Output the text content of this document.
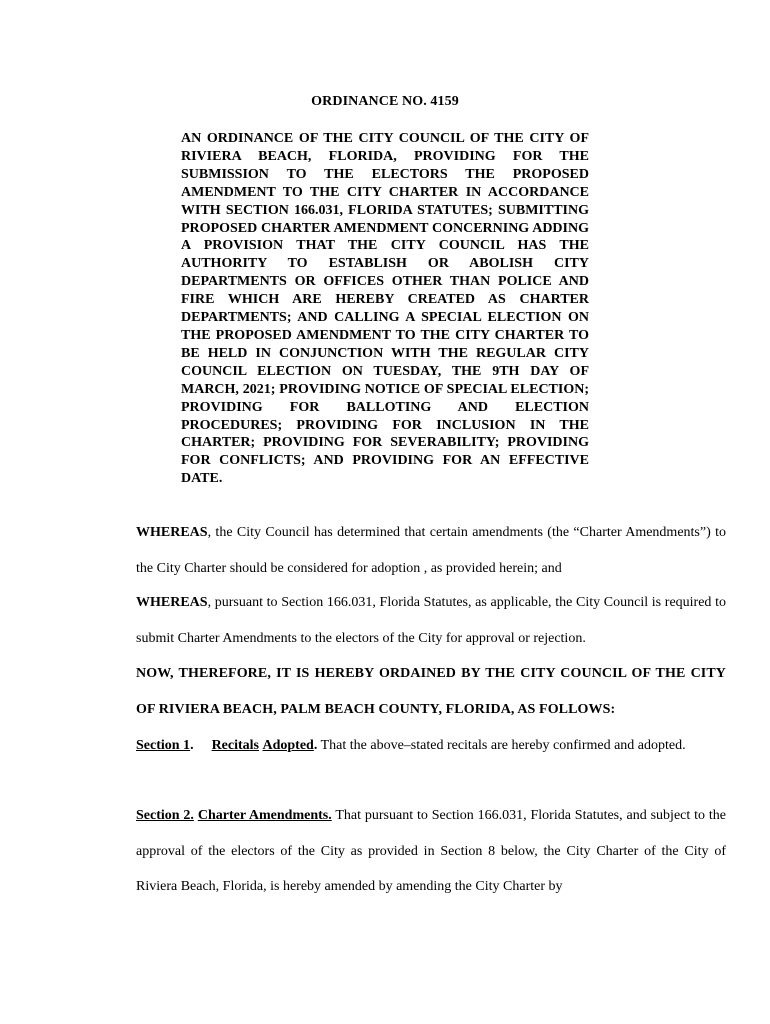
ORDINANCE NO. 4159

AN ORDINANCE OF THE CITY COUNCIL OF THE CITY OF RIVIERA BEACH, FLORIDA, PROVIDING FOR THE SUBMISSION TO THE ELECTORS THE PROPOSED AMENDMENT TO THE CITY CHARTER IN ACCORDANCE WITH SECTION 166.031, FLORIDA STATUTES; SUBMITTING PROPOSED CHARTER AMENDMENT CONCERNING ADDING A PROVISION THAT THE CITY COUNCIL HAS THE AUTHORITY TO ESTABLISH OR ABOLISH CITY DEPARTMENTS OR OFFICES OTHER THAN POLICE AND FIRE WHICH ARE HEREBY CREATED AS CHARTER DEPARTMENTS; AND CALLING A SPECIAL ELECTION ON THE PROPOSED AMENDMENT TO THE CITY CHARTER TO BE HELD IN CONJUNCTION WITH THE REGULAR CITY COUNCIL ELECTION ON TUESDAY, THE 9TH DAY OF MARCH, 2021; PROVIDING NOTICE OF SPECIAL ELECTION; PROVIDING FOR BALLOTING AND ELECTION PROCEDURES; PROVIDING FOR INCLUSION IN THE CHARTER; PROVIDING FOR SEVERABILITY; PROVIDING FOR CONFLICTS; AND PROVIDING FOR AN EFFECTIVE DATE.

WHEREAS, the City Council has determined that certain amendments (the “Charter Amendments”) to the City Charter should be considered for adoption , as provided herein; and

WHEREAS, pursuant to Section 166.031, Florida Statutes, as applicable, the City Council is required to submit Charter Amendments to the electors of the City for approval or rejection.

NOW, THEREFORE, IT IS HEREBY ORDAINED BY THE CITY COUNCIL OF THE CITY OF RIVIERA BEACH, PALM BEACH COUNTY, FLORIDA, AS FOLLOWS:

Section 1. Recitals Adopted. That the above–stated recitals are hereby confirmed and adopted.

Section 2. Charter Amendments. That pursuant to Section 166.031, Florida Statutes, and subject to the approval of the electors of the City as provided in Section 8 below, the City Charter of the City of Riviera Beach, Florida, is hereby amended by amending the City Charter by
